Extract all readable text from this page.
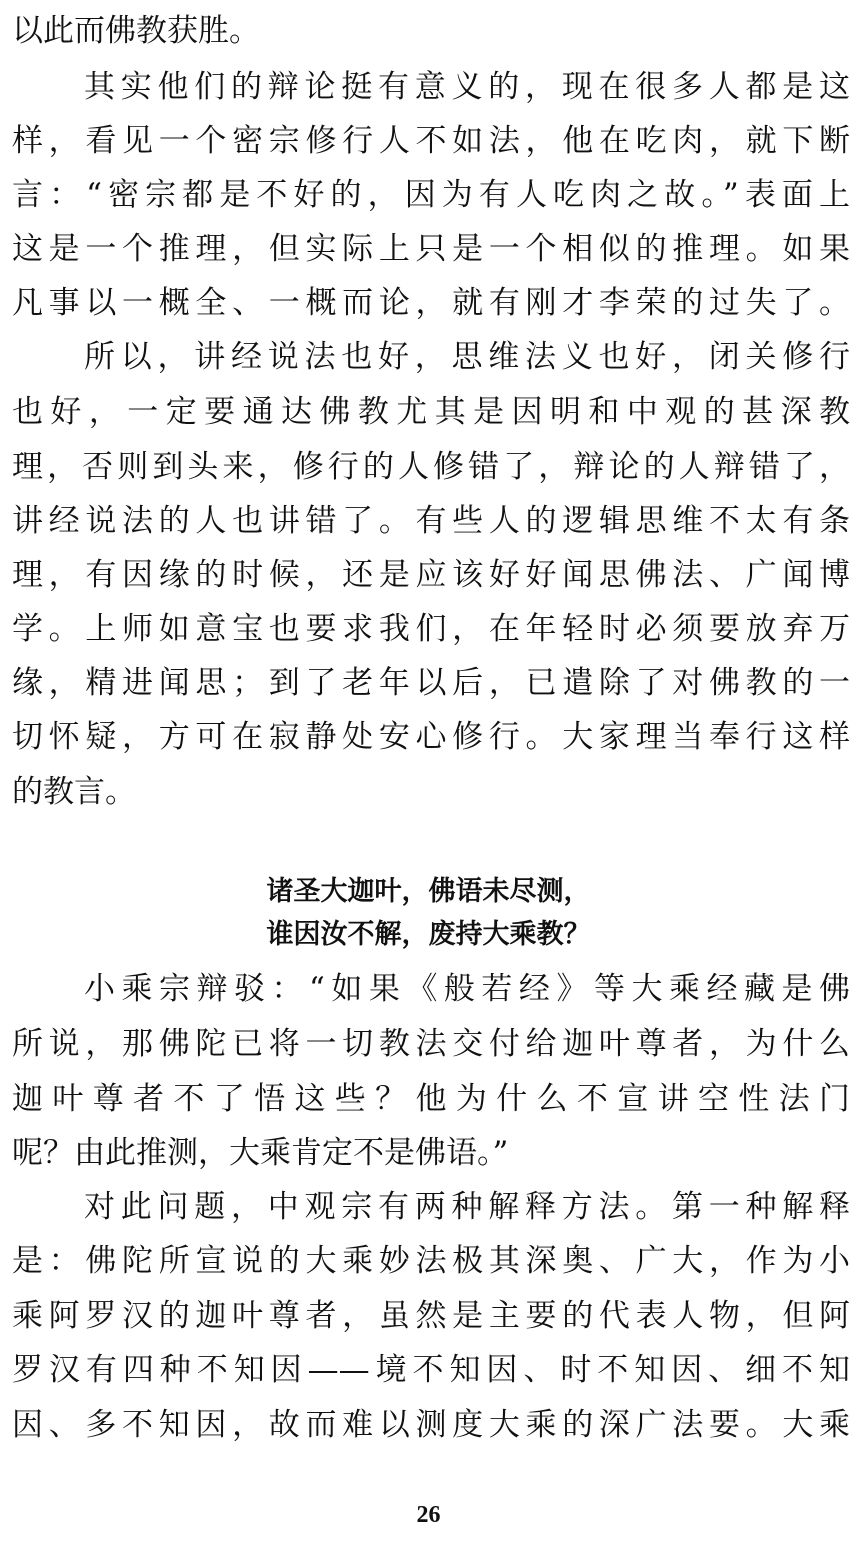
以此而佛教获胜。
其实他们的辩论挺有意义的，现在很多人都是这
样，看见一个密宗修行人不如法，他在吃肉，就下断
言：“密宗都是不好的，因为有人吃肉之故。”表面上
这是一个推理，但实际上只是一个相似的推理。如果
凡事以一概全、一概而论，就有刚才李荣的过失了。
所以，讲经说法也好，思维法义也好，闭关修行
也好，一定要通达佛教尤其是因明和中观的甚深教
理，否则到头来，修行的人修错了，辩论的人辩错了，
讲经说法的人也讲错了。有些人的逻辑思维不太有条
理，有因缘的时候，还是应该好好闻思佛法、广闻博
学。上师如意宝也要求我们，在年轻时必须要放弃万
缘，精进闻思；到了老年以后，已遣除了对佛教的一
切怀疑，方可在寂静处安心修行。大家理当奉行这样
的教言。
诸圣大迦叶，佛语未尽测，
谁因汝不解，废持大乘教？
小乘宗辩驳：“如果《般若经》等大乘经藏是佛
所说，那佛陀已将一切教法交付给迦叶尊者，为什么
迦叶尊者不了悟这些？他为什么不宣讲空性法门
呢？由此推测，大乘肯定不是佛语。”
对此问题，中观宗有两种解释方法。第一种解释
是：佛陀所宣说的大乘妙法极其深奥、广大，作为小
乘阿罗汉的迦叶尊者，虽然是主要的代表人物，但阿
罗汉有四种不知因——境不知因、时不知因、细不知
因、多不知因，故而难以测度大乘的深广法要。大乘
26
